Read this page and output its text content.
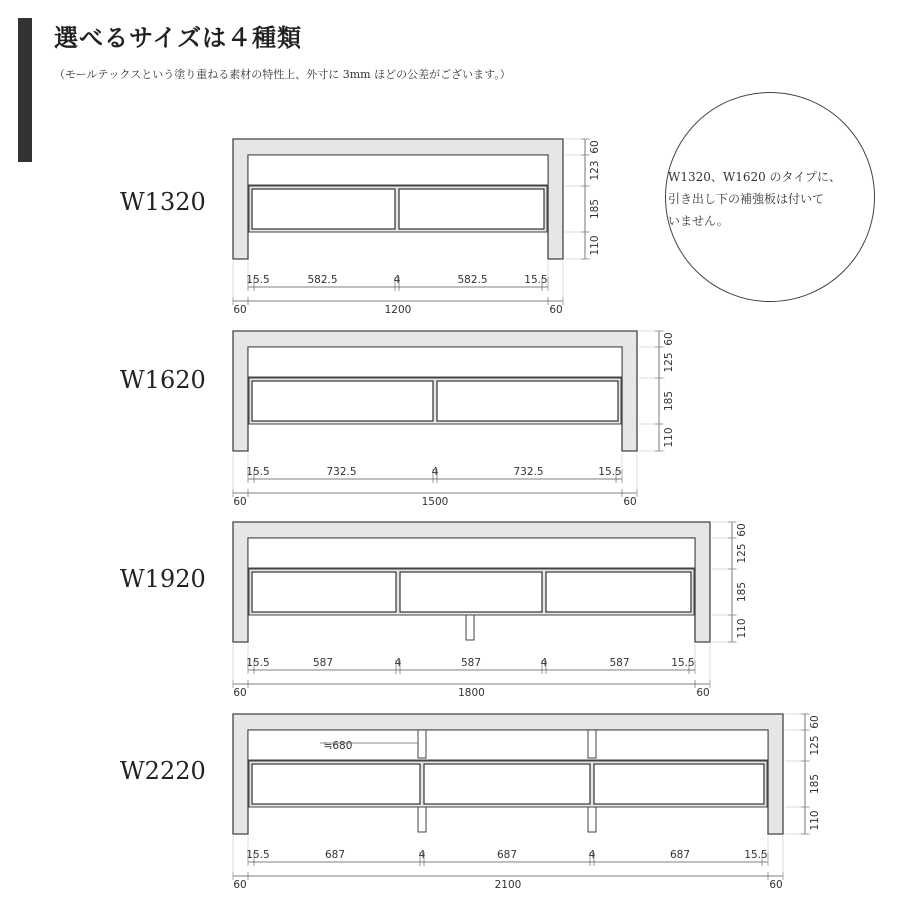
選べるサイズは４種類
（モールテックスという塗り重ねる素材の特性上、外寸に 3mm ほどの公差がございます。）
W1320
W1620
W1920
W2220
W1320、W1620 のタイプに、
引き出し下の補強板は付いて
いません。
60
123
185
110
15.5	582.5	4	582.5	15.5
60	60
1200
60
125
185
110
15.5	732.5	4	732.5	15.5
60	60
1500
60
125
185
110
15.5	587	4	587	4	587	15.5
60	60
1800
≒680
60
125
185
110
15.5	687	4	687	4	687	15.5
60	60
2100
